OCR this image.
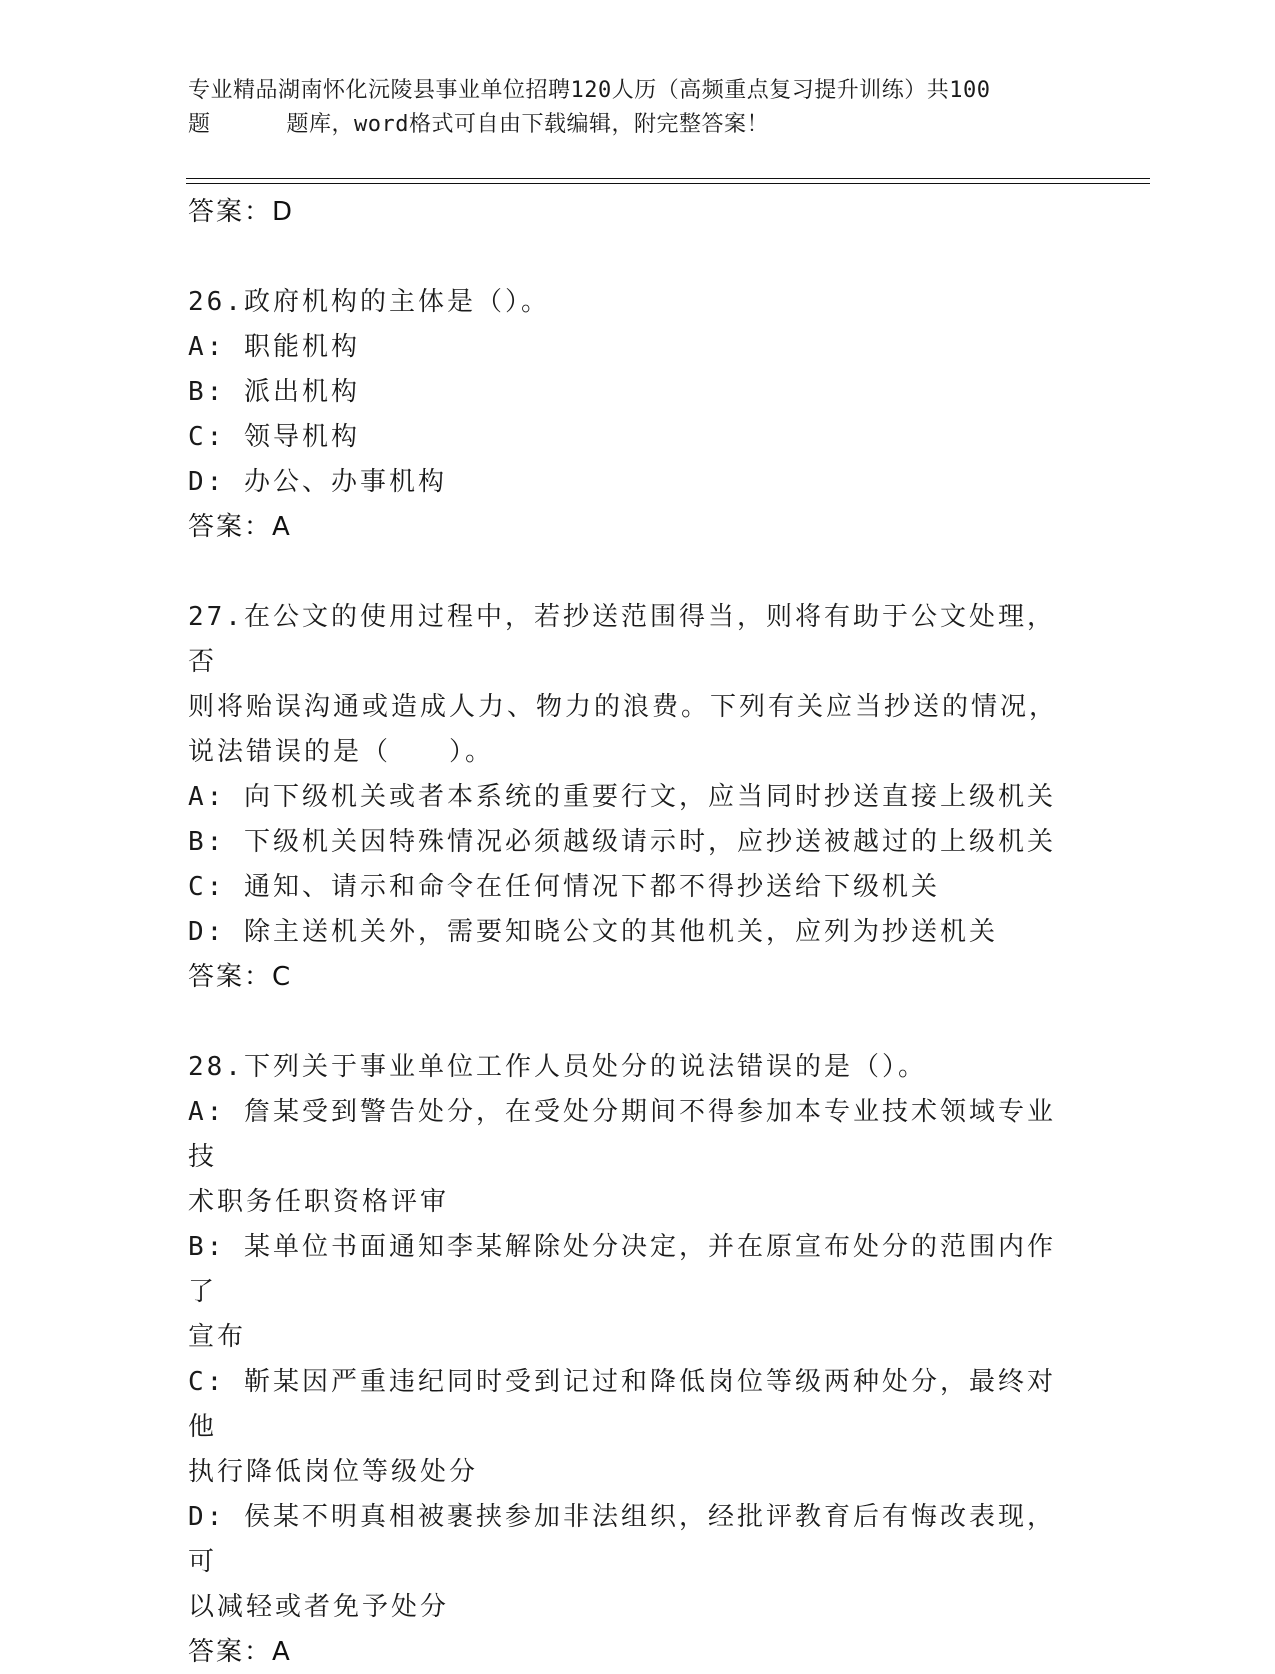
专业精品湖南怀化沅陵县事业单位招聘120人历（高频重点复习提升训练）共100
题	题库，word格式可自由下载编辑，附完整答案！
答案：D
26.政府机构的主体是（）。
A: 职能机构
B: 派出机构
C: 领导机构
D: 办公、办事机构
答案：A
27.在公文的使用过程中，若抄送范围得当，则将有助于公文处理，否
则将贻误沟通或造成人力、物力的浪费。下列有关应当抄送的情况，
说法错误的是（　　）。
A: 向下级机关或者本系统的重要行文，应当同时抄送直接上级机关
B: 下级机关因特殊情况必须越级请示时，应抄送被越过的上级机关
C: 通知、请示和命令在任何情况下都不得抄送给下级机关
D: 除主送机关外，需要知晓公文的其他机关，应列为抄送机关
答案：C
28.下列关于事业单位工作人员处分的说法错误的是（）。
A: 詹某受到警告处分，在受处分期间不得参加本专业技术领域专业技
术职务任职资格评审
B: 某单位书面通知李某解除处分决定，并在原宣布处分的范围内作了
宣布
C: 靳某因严重违纪同时受到记过和降低岗位等级两种处分，最终对他
执行降低岗位等级处分
D: 侯某不明真相被裹挟参加非法组织，经批评教育后有悔改表现，可
以减轻或者免予处分
答案：A
